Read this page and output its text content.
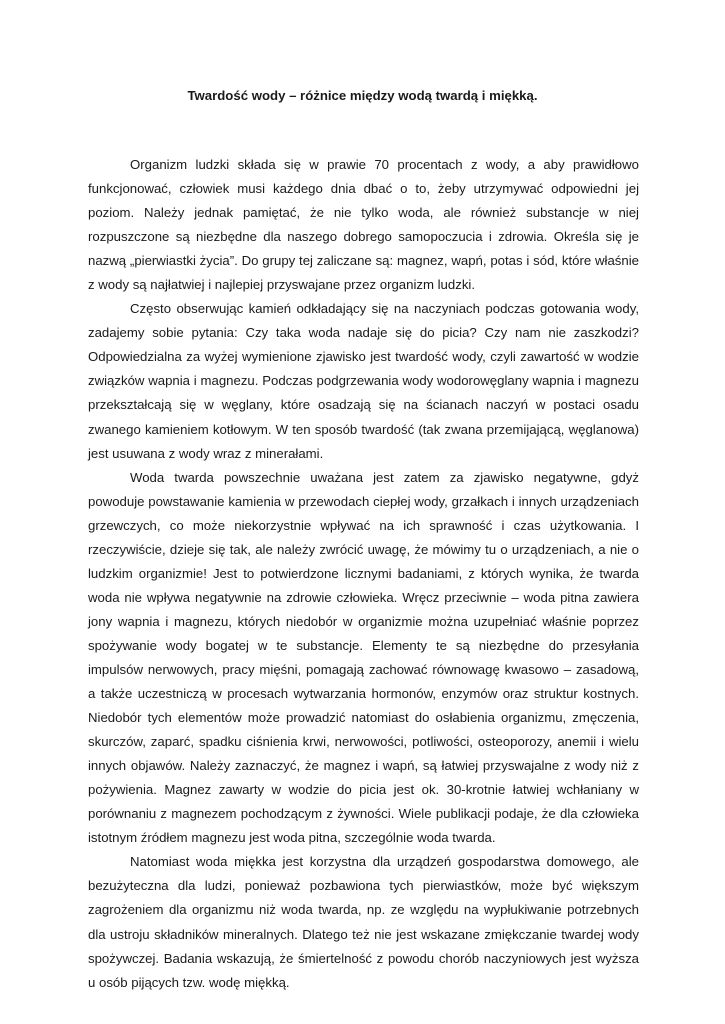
Twardość wody – różnice między wodą twardą i miękką.

Organizm ludzki składa się w prawie 70 procentach z wody, a aby prawidłowo funkcjonować, człowiek musi każdego dnia dbać o to, żeby utrzymywać odpowiedni jej poziom. Należy jednak pamiętać, że nie tylko woda, ale również substancje w niej rozpuszczone są niezbędne dla naszego dobrego samopoczucia i zdrowia. Określa się je nazwą „pierwiastki życia”. Do grupy tej zaliczane są: magnez, wapń, potas i sód, które właśnie z wody są najłatwiej i najlepiej przyswajane przez organizm ludzki.

Często obserwując kamień odkładający się na naczyniach podczas gotowania wody, zadajemy sobie pytania: Czy taka woda nadaje się do picia? Czy nam nie zaszkodzi? Odpowiedzialna za wyżej wymienione zjawisko jest twardość wody, czyli zawartość w wodzie związków wapnia i magnezu. Podczas podgrzewania wody wodorowęglany wapnia i magnezu przekształcają się w węglany, które osadzają się na ścianach naczyń w postaci osadu zwanego kamieniem kotłowym. W ten sposób twardość (tak zwana przemijającą, węglanowa) jest usuwana z wody wraz z minerałami.

Woda twarda powszechnie uważana jest zatem za zjawisko negatywne, gdyż powoduje powstawanie kamienia w przewodach ciepłej wody, grzałkach i innych urządzeniach grzewczych, co może niekorzystnie wpływać na ich sprawność i czas użytkowania. I rzeczywiście, dzieje się tak, ale należy zwrócić uwagę, że mówimy tu o urządzeniach, a nie o ludzkim organizmie! Jest to potwierdzone licznymi badaniami, z których wynika, że twarda woda nie wpływa negatywnie na zdrowie człowieka. Wręcz przeciwnie – woda pitna zawiera jony wapnia i magnezu, których niedobór w organizmie można uzupełniać właśnie poprzez spożywanie wody bogatej w te substancje. Elementy te są niezbędne do przesyłania impulsów nerwowych, pracy mięśni, pomagają zachować równowagę kwasowo – zasadową, a także uczestniczą w procesach wytwarzania hormonów, enzymów oraz struktur kostnych. Niedobór tych elementów może prowadzić natomiast do osłabienia organizmu, zmęczenia, skurczów, zaparć, spadku ciśnienia krwi, nerwowości, potliwości, osteoporozy, anemii i wielu innych objawów. Należy zaznaczyć, że magnez i wapń, są łatwiej przyswajalne z wody niż z pożywienia. Magnez zawarty w wodzie do picia jest ok. 30-krotnie łatwiej wchłaniany w porównaniu z magnezem pochodzącym z żywności. Wiele publikacji podaje, że dla człowieka istotnym źródłem magnezu jest woda pitna, szczególnie woda twarda.

Natomiast woda miękka jest korzystna dla urządzeń gospodarstwa domowego, ale bezużyteczna dla ludzi, ponieważ pozbawiona tych pierwiastków, może być większym zagrożeniem dla organizmu niż woda twarda, np. ze względu na wypłukiwanie potrzebnych dla ustroju składników mineralnych. Dlatego też nie jest wskazane zmiękczanie twardej wody spożywczej. Badania wskazują, że śmiertelność z powodu chorób naczyniowych jest wyższa u osób pijących tzw. wodę miękką.
